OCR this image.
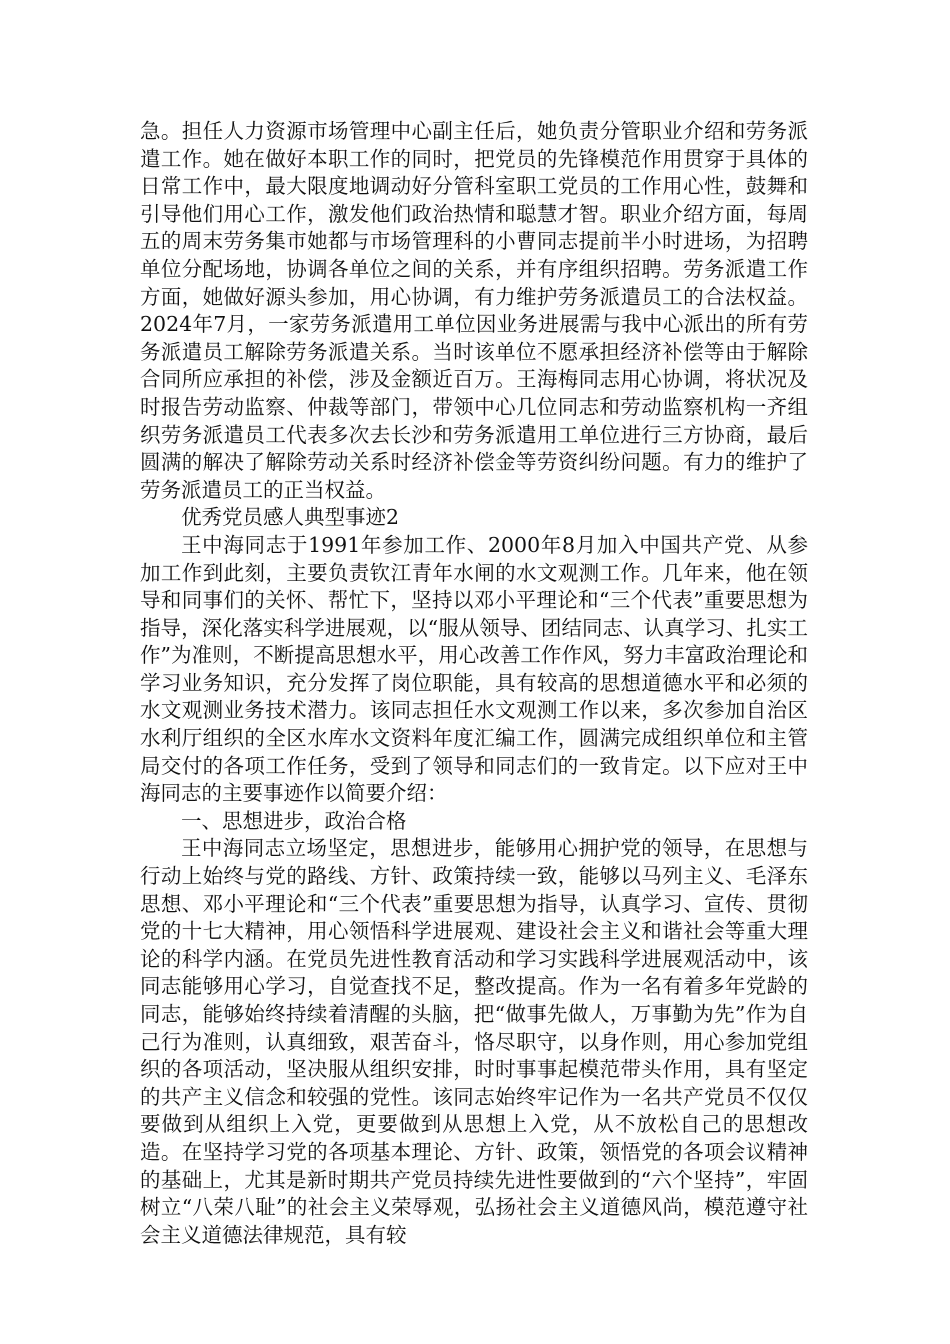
急。担任人力资源市场管理中心副主任后，她负责分管职业介绍和劳务派遣工作。她在做好本职工作的同时，把党员的先锋模范作用贯穿于具体的日常工作中，最大限度地调动好分管科室职工党员的工作用心性，鼓舞和引导他们用心工作，激发他们政治热情和聪慧才智。职业介绍方面，每周五的周末劳务集市她都与市场管理科的小曹同志提前半小时进场，为招聘单位分配场地，协调各单位之间的关系，并有序组织招聘。劳务派遣工作方面，她做好源头参加，用心协调，有力维护劳务派遣员工的合法权益。2024年7月，一家劳务派遣用工单位因业务进展需与我中心派出的所有劳务派遣员工解除劳务派遣关系。当时该单位不愿承担经济补偿等由于解除合同所应承担的补偿，涉及金额近百万。王海梅同志用心协调，将状况及时报告劳动监察、仲裁等部门，带领中心几位同志和劳动监察机构一齐组织劳务派遣员工代表多次去长沙和劳务派遣用工单位进行三方协商，最后圆满的解决了解除劳动关系时经济补偿金等劳资纠纷问题。有力的维护了劳务派遣员工的正当权益。

优秀党员感人典型事迹2

王中海同志于1991年参加工作、2000年8月加入中国共产党、从参加工作到此刻，主要负责钦江青年水闸的水文观测工作。几年来，他在领导和同事们的关怀、帮忙下，坚持以邓小平理论和“三个代表”重要思想为指导，深化落实科学进展观，以“服从领导、团结同志、认真学习、扎实工作”为准则，不断提高思想水平，用心改善工作作风，努力丰富政治理论和学习业务知识，充分发挥了岗位职能，具有较高的思想道德水平和必须的水文观测业务技术潜力。该同志担任水文观测工作以来，多次参加自治区水利厅组织的全区水库水文资料年度汇编工作，圆满完成组织单位和主管局交付的各项工作任务，受到了领导和同志们的一致肯定。以下应对王中海同志的主要事迹作以简要介绍：

一、思想进步，政治合格

王中海同志立场坚定，思想进步，能够用心拥护党的领导，在思想与行动上始终与党的路线、方针、政策持续一致，能够以马列主义、毛泽东思想、邓小平理论和“三个代表”重要思想为指导，认真学习、宣传、贯彻党的十七大精神，用心领悟科学进展观、建设社会主义和谐社会等重大理论的科学内涵。在党员先进性教育活动和学习实践科学进展观活动中，该同志能够用心学习，自觉查找不足，整改提高。作为一名有着多年党龄的同志，能够始终持续着清醒的头脑，把“做事先做人，万事勤为先”作为自己行为准则，认真细致，艰苦奋斗，恪尽职守，以身作则，用心参加党组织的各项活动，坚决服从组织安排，时时事事起模范带头作用，具有坚定的共产主义信念和较强的党性。该同志始终牢记作为一名共产党员不仅仅要做到从组织上入党，更要做到从思想上入党，从不放松自己的思想改造。在坚持学习党的各项基本理论、方针、政策，领悟党的各项会议精神的基础上，尤其是新时期共产党员持续先进性要做到的“六个坚持”，牢固树立“八荣八耻”的社会主义荣辱观，弘扬社会主义道德风尚，模范遵守社会主义道德法律规范，具有较
